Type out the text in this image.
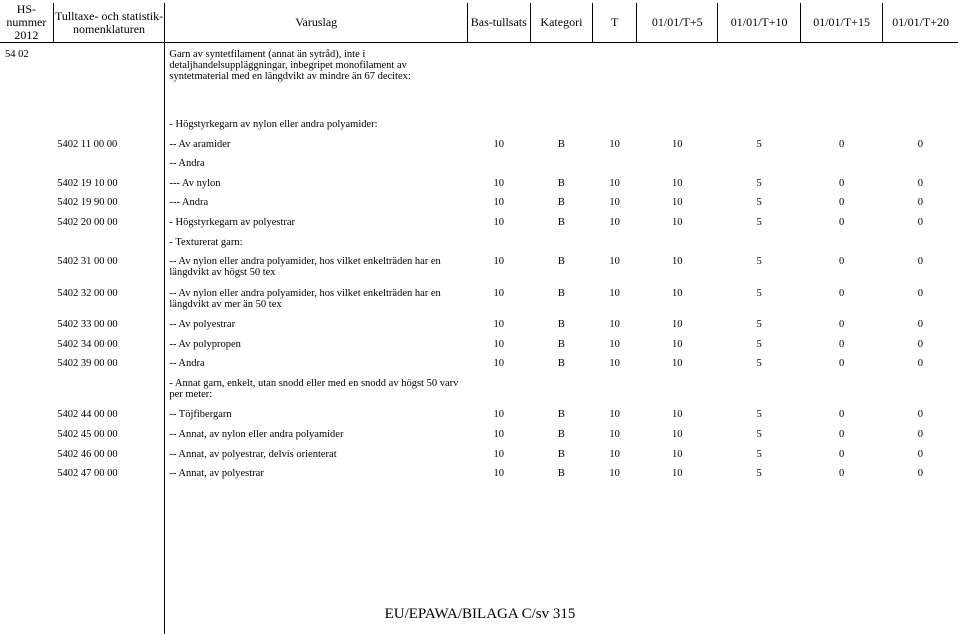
HS-nummer 2012	Tulltaxe- och statistik- nomenklaturen	Varuslag	Bas-tullsats	Kategori	T	01/01/T+5	01/01/T+10	01/01/T+15	01/01/T+20
54 02		Garn av syntetfilament (annat än sytråd), inte i detaljhandelsuppläggningar, inbegripet monofilament av syntetmaterial med en längdvikt av mindre än 67 decitex:							
		- Högstyrkegarn av nylon eller andra polyamider:							
	5402 11 00 00	-- Av aramider	10	B	10	10	5	0	0
		-- Andra							
	5402 19 10 00	--- Av nylon	10	B	10	10	5	0	0
	5402 19 90 00	--- Andra	10	B	10	10	5	0	0
	5402 20 00 00	- Högstyrkegarn av polyestrar	10	B	10	10	5	0	0
		- Texturerat garn:							
	5402 31 00 00	-- Av nylon eller andra polyamider, hos vilket enkelträden har en längdvikt av högst 50 tex	10	B	10	10	5	0	0
	5402 32 00 00	-- Av nylon eller andra polyamider, hos vilket enkelträden har en längdvikt av mer än 50 tex	10	B	10	10	5	0	0
	5402 33 00 00	-- Av polyestrar	10	B	10	10	5	0	0
	5402 34 00 00	-- Av polypropen	10	B	10	10	5	0	0
	5402 39 00 00	-- Andra	10	B	10	10	5	0	0
		- Annat garn, enkelt, utan snodd eller med en snodd av högst 50 varv per meter:							
	5402 44 00 00	-- Töjfibergarn	10	B	10	10	5	0	0
	5402 45 00 00	-- Annat, av nylon eller andra polyamider	10	B	10	10	5	0	0
	5402 46 00 00	-- Annat, av polyestrar, delvis orienterat	10	B	10	10	5	0	0
	5402 47 00 00	-- Annat, av polyestrar	10	B	10	10	5	0	0

EU/EPAWA/BILAGA C/sv 315
